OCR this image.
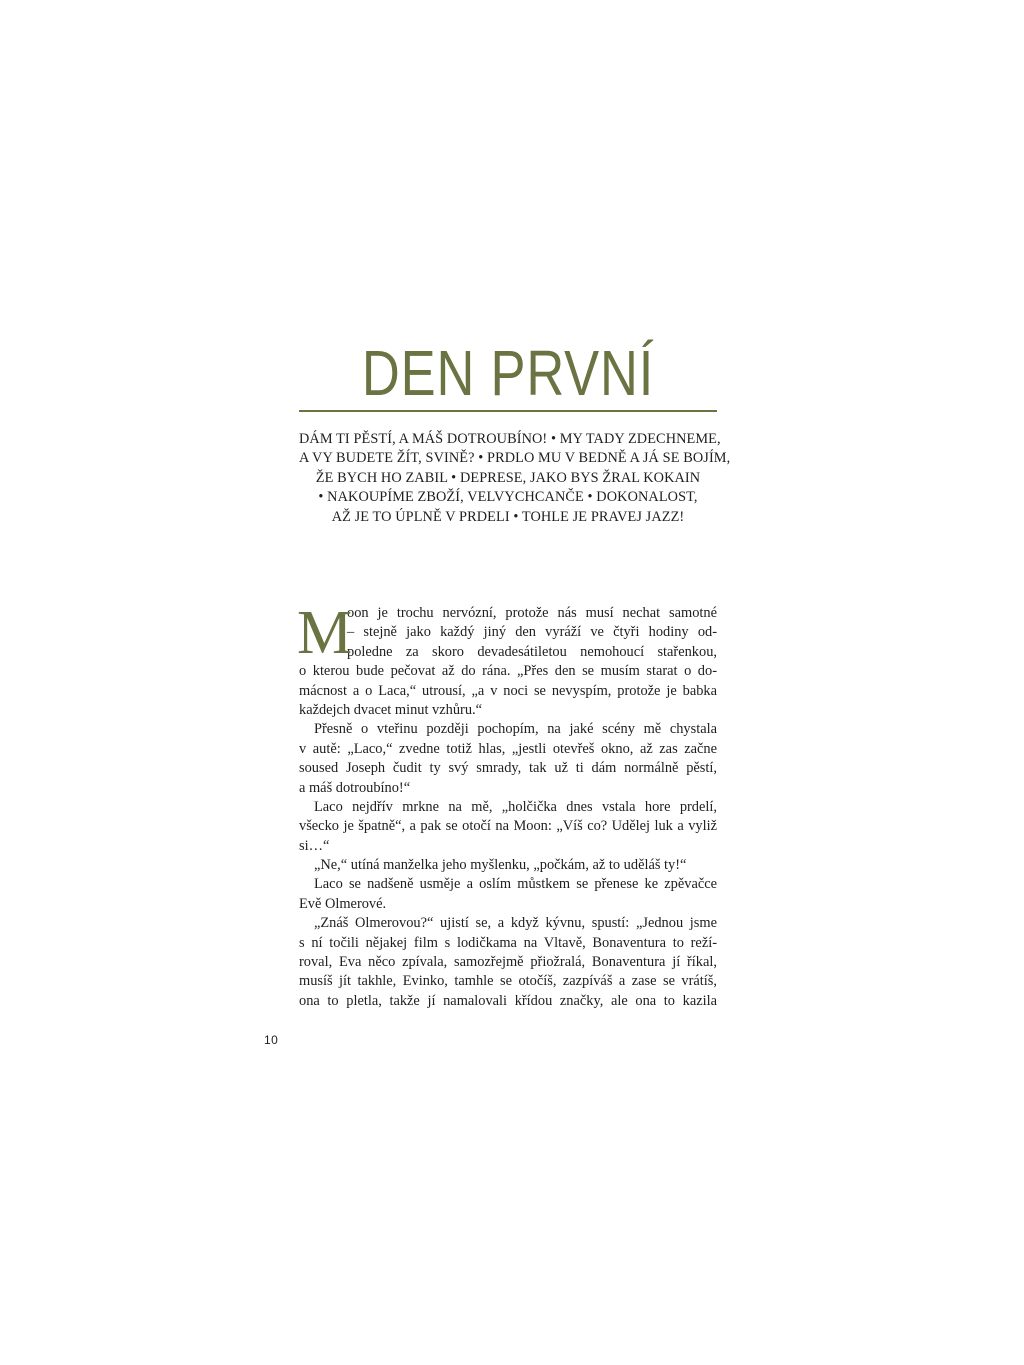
DEN PRVNÍ
DÁM TI PĚSTÍ, A MÁŠ DOTROUBÍNO! • MY TADY ZDECHNEME,
A VY BUDETE ŽÍT, SVINĚ? • PRDLO MU V BEDNĚ A JÁ SE BOJÍM,
ŽE BYCH HO ZABIL • DEPRESE, JAKO BYS ŽRAL KOKAIN
• NAKOUPÍME ZBOŽÍ, VELVYCHCANČE • DOKONALOST,
AŽ JE TO ÚPLNĚ V PRDELI • TOHLE JE PRAVEJ JAZZ!
M
oon je trochu nervózní, protože nás musí nechat samotné
– stejně jako každý jiný den vyráží ve čtyři hodiny od-
poledne za skoro devadesátiletou nemohoucí stařenkou,
o kterou bude pečovat až do rána. „Přes den se musím starat o do-
mácnost a o Laca,“ utrousí, „a v noci se nevyspím, protože je babka
každejch dvacet minut vzhůru.“
Přesně o vteřinu později pochopím, na jaké scény mě chystala
v autě: „Laco,“ zvedne totiž hlas, „jestli otevřeš okno, až zas začne
soused Joseph čudit ty svý smrady, tak už ti dám normálně pěstí,
a máš dotroubíno!“
Laco nejdřív mrkne na mě, „holčička dnes vstala hore prdelí,
všecko je špatně“, a pak se otočí na Moon: „Víš co? Udělej luk a vyliž
si…“
„Ne,“ utíná manželka jeho myšlenku, „počkám, až to uděláš ty!“
Laco se nadšeně usměje a oslím můstkem se přenese ke zpěvačce
Evě Olmerové.
„Znáš Olmerovou?“ ujistí se, a když kývnu, spustí: „Jednou jsme
s ní točili nějakej film s lodičkama na Vltavě, Bonaventura to reží-
roval, Eva něco zpívala, samozřejmě přiožralá, Bonaventura jí říkal,
musíš jít takhle, Evinko, tamhle se otočíš, zazpíváš a zase se vrátíš,
ona to pletla, takže jí namalovali křídou značky, ale ona to kazila
10
